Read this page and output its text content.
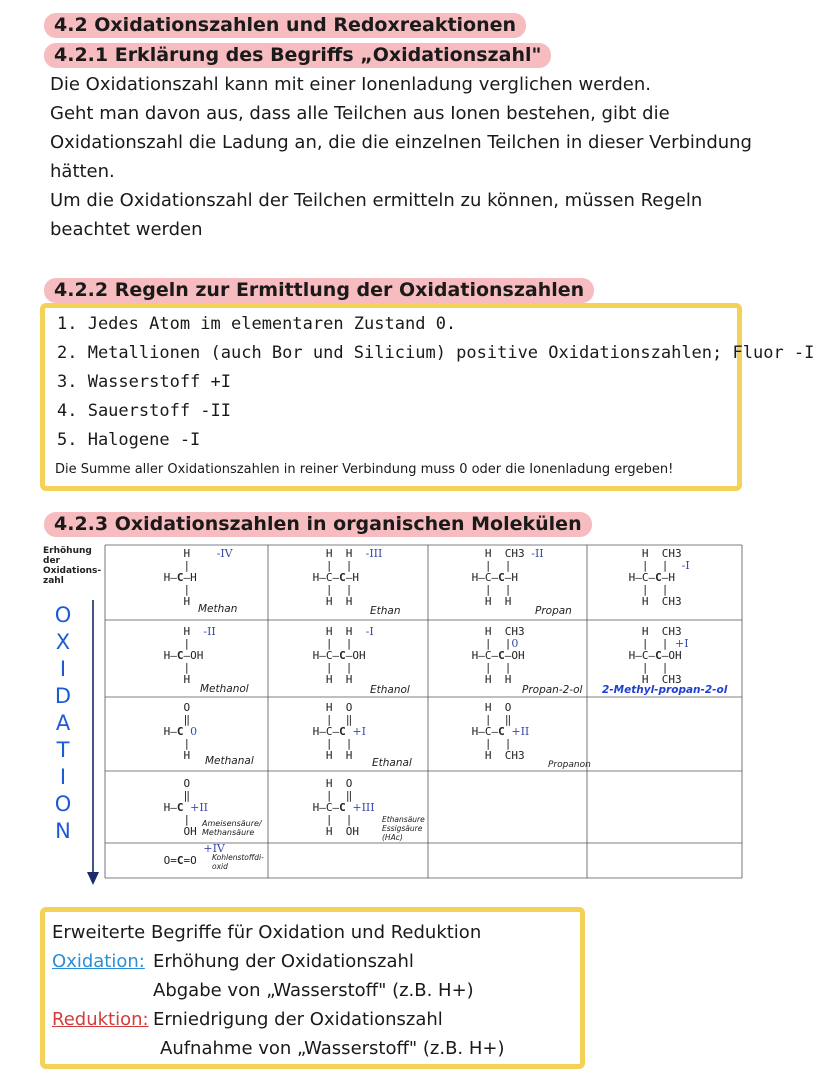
4.2 Oxidationszahlen und Redoxreaktionen
4.2.1 Erklärung des Begriffs „Oxidationszahl"
Die Oxidationszahl kann mit einer Ionenladung verglichen werden.
Geht man davon aus, dass alle Teilchen aus Ionen bestehen, gibt die
Oxidationszahl die Ladung an, die die einzelnen Teilchen in dieser Verbindung
hätten.
Um die Oxidationszahl der Teilchen ermitteln zu können, müssen Regeln
beachtet werden
4.2.2 Regeln zur Ermittlung der Oxidationszahlen
1. Jedes Atom im elementaren Zustand 0.
2. Metallionen (auch Bor und Silicium) positive Oxidationszahlen; Fluor -I
3. Wasserstoff +I
4. Sauerstoff -II
5. Halogene -I
Die Summe aller Oxidationszahlen in reiner Verbindung muss 0 oder die Ionenladung ergeben!
4.2.3 Oxidationszahlen in organischen Molekülen
Erhöhung der Oxidations-zahl
O
X
I
D
A
T
I
O
N
H    -IV
|
H—C—H
|
H
Methan
H  H  -III
|  |
H—C—C—H
|  |
H  H
Ethan
H  CH3 -II
|  |
H—C—C—H
|  |
H  H
Propan
H  CH3
|  |  -I
H—C—C—H
|  |
H  CH3
H  -II
|
H—C—OH
|
H
Methanol
H  H  -I
|  |
H—C—C—OH
|  |
H  H
Ethanol
H  CH3
|  |0
H—C—C—OH
|  |
H  H
Propan-2-ol
H  CH3
|  | +I
H—C—C—OH
|  |
H  CH3
2-Methyl-propan-2-ol
O
‖
H—C 0
|
H	Methanal
H  O
|  ‖
H—C—C +I
|  |
H  H
Ethanal
H  O
|  ‖
H—C—C +II
|  |
H  CH3
Propanon
O
‖
H—C +II
|
OH
Ameisensäure/ Methansäure
H  O
|  ‖
H—C—C +III
|  |
H  OH
Ethansäure Essigsäure (HAc)
+IV
O=C=O	Kohlenstoffdi- oxid
Erweiterte Begriffe für Oxidation und Reduktion
Oxidation: Erhöhung der Oxidationszahl
Abgabe von „Wasserstoff" (z.B. H+)
Reduktion: Erniedrigung der Oxidationszahl
Aufnahme von „Wasserstoff" (z.B. H+)
